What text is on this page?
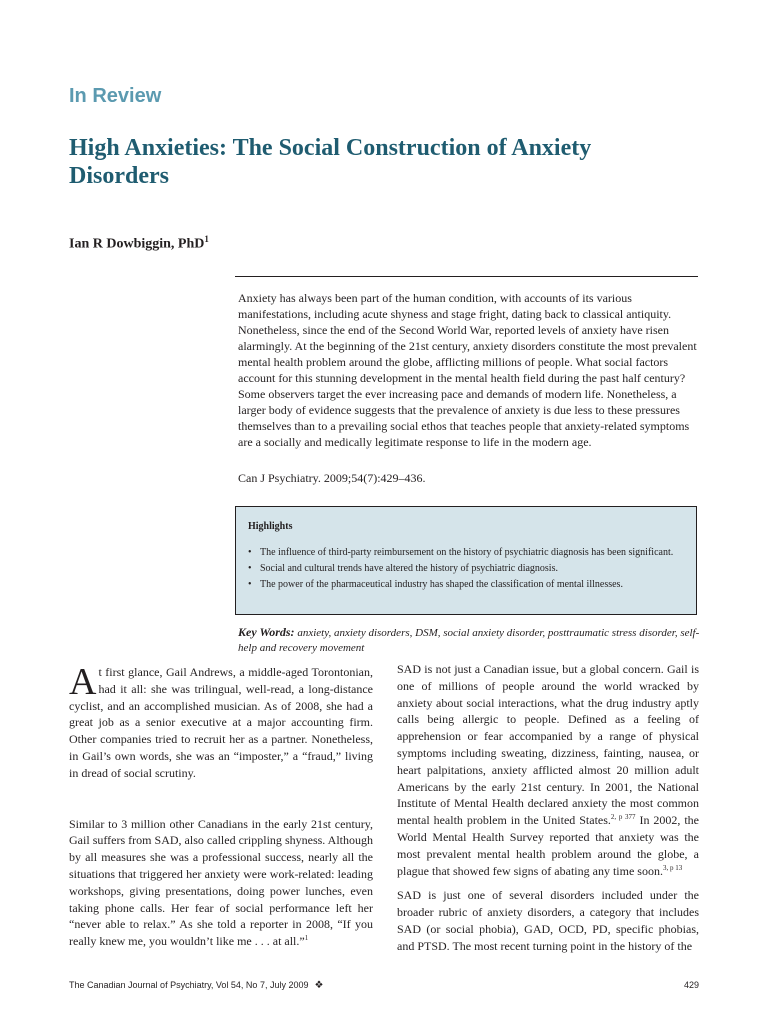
In Review
High Anxieties: The Social Construction of Anxiety Disorders
Ian R Dowbiggin, PhD$^1$

Anxiety has always been part of the human condition, with accounts of its various manifestations, including acute shyness and stage fright, dating back to classical antiquity. Nonetheless, since the end of the Second World War, reported levels of anxiety have risen alarmingly. At the beginning of the 21st century, anxiety disorders constitute the most prevalent mental health problem around the globe, afflicting millions of people. What social factors account for this stunning development in the mental health field during the past half century? Some observers target the ever increasing pace and demands of modern life. Nonetheless, a larger body of evidence suggests that the prevalence of anxiety is due less to these pressures themselves than to a prevailing social ethos that teaches people that anxiety-related symptoms are a socially and medically legitimate response to life in the modern age.

Can J Psychiatry. 2009;54(7):429–436.

Highlights
• The influence of third-party reimbursement on the history of psychiatric diagnosis has been significant.
• Social and cultural trends have altered the history of psychiatric diagnosis.
• The power of the pharmaceutical industry has shaped the classification of mental illnesses.

Key Words: anxiety, anxiety disorders, DSM, social anxiety disorder, posttraumatic stress disorder, self-help and recovery movement

At first glance, Gail Andrews, a middle-aged Torontonian, had it all: she was trilingual, well-read, a long-distance cyclist, and an accomplished musician. As of 2008, she had a great job as a senior executive at a major accounting firm. Other companies tried to recruit her as a partner. Nonetheless, in Gail’s own words, she was an “imposter,” a “fraud,” living in dread of social scrutiny.

Similar to 3 million other Canadians in the early 21st century, Gail suffers from SAD, also called crippling shyness. Although by all measures she was a professional success, nearly all the situations that triggered her anxiety were work-related: leading workshops, giving presentations, doing power lunches, even taking phone calls. Her fear of social performance left her “never able to relax.” As she told a reporter in 2008, “If you really knew me, you wouldn’t like me . . . at all.”$^1$

SAD is not just a Canadian issue, but a global concern. Gail is one of millions of people around the world wracked by anxiety about social interactions, what the drug industry aptly calls being allergic to people. Defined as a feeling of apprehension or fear accompanied by a range of physical symptoms including sweating, dizziness, fainting, nausea, or heart palpitations, anxiety afflicted almost 20 million adult Americans by the early 21st century. In 2001, the National Institute of Mental Health declared anxiety the most common mental health problem in the United States.$^{2, p 377}$ In 2002, the World Mental Health Survey reported that anxiety was the most prevalent mental health problem around the globe, a plague that showed few signs of abating any time soon.$^{3, p 13}$

SAD is just one of several disorders included under the broader rubric of anxiety disorders, a category that includes SAD (or social phobia), GAD, OCD, PD, specific phobias, and PTSD. The most recent turning point in the history of the

The Canadian Journal of Psychiatry, Vol 54, No 7, July 2009 ❖	429
